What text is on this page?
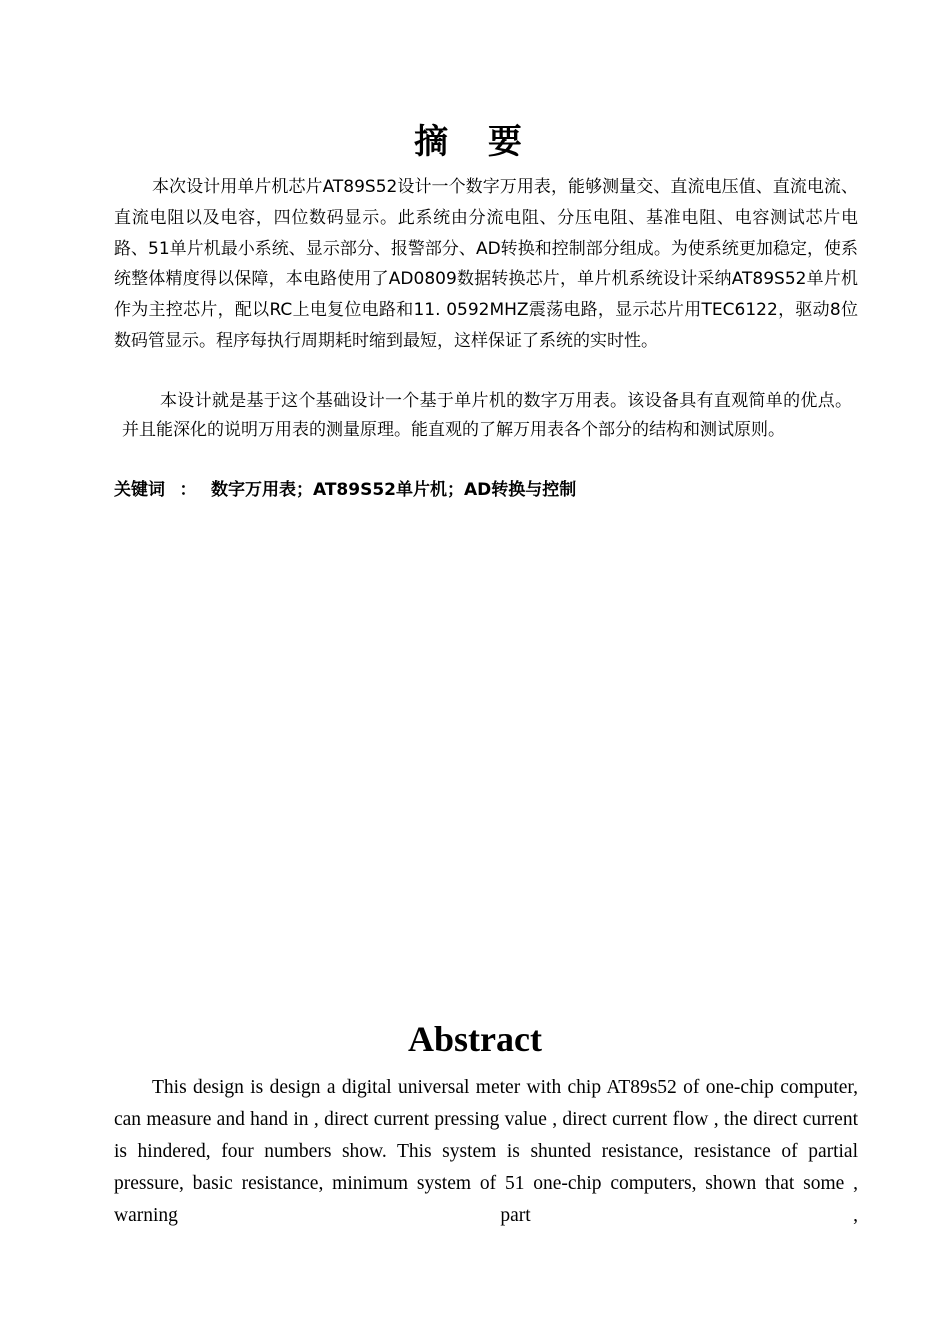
摘 要

本次设计用单片机芯片AT89S52设计一个数字万用表，能够测量交、直流电压值、直流电流、直流电阻以及电容，四位数码显示。此系统由分流电阻、分压电阻、基准电阻、电容测试芯片电路、51单片机最小系统、显示部分、报警部分、AD转换和控制部分组成。为使系统更加稳定，使系统整体精度得以保障，本电路使用了AD0809数据转换芯片，单片机系统设计采纳AT89S52单片机作为主控芯片，配以RC上电复位电路和11. 0592MHZ震荡电路，显示芯片用TEC6122，驱动8位数码管显示。程序每执行周期耗时缩到最短，这样保证了系统的实时性。

本设计就是基于这个基础设计一个基于单片机的数字万用表。该设备具有直观简单的优点。并且能深化的说明万用表的测量原理。能直观的了解万用表各个部分的结构和测试原则。

关键词 ： 数字万用表；AT89S52单片机；AD转换与控制
Abstract

This design is design a digital universal meter with chip AT89s52 of one-chip computer, can measure and hand in , direct current pressing value , direct current flow , the direct current is hindered, four numbers show. This system is shunted resistance, resistance of partial pressure, basic resistance, minimum system of 51 one-chip computers, shown that some , warning part ,
